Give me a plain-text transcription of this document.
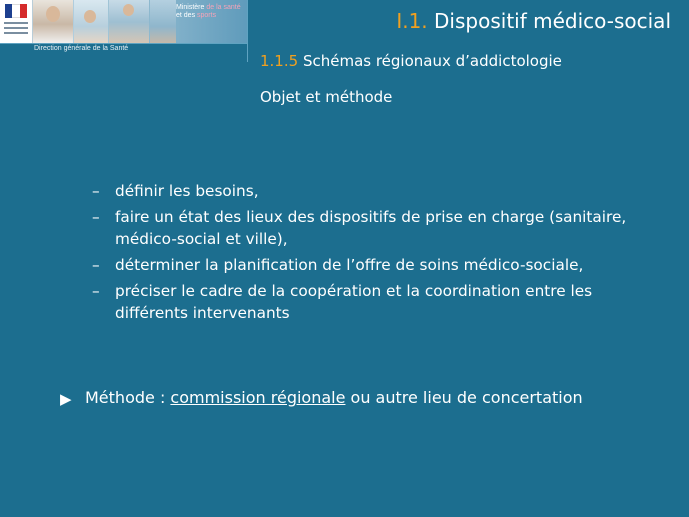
Ministère de la santé
et des sports
Direction générale de la Santé
I.1. Dispositif médico-social
1.1.5 Schémas régionaux d’addictologie
Objet et méthode
– définir les besoins,
– faire un état des lieux des dispositifs de prise en charge (sanitaire, médico-social et ville),
– déterminer la planification de l’offre de soins médico-sociale,
– préciser le cadre de la coopération et la coordination entre les différents intervenants
▶ Méthode : commission régionale ou autre lieu de concertation
